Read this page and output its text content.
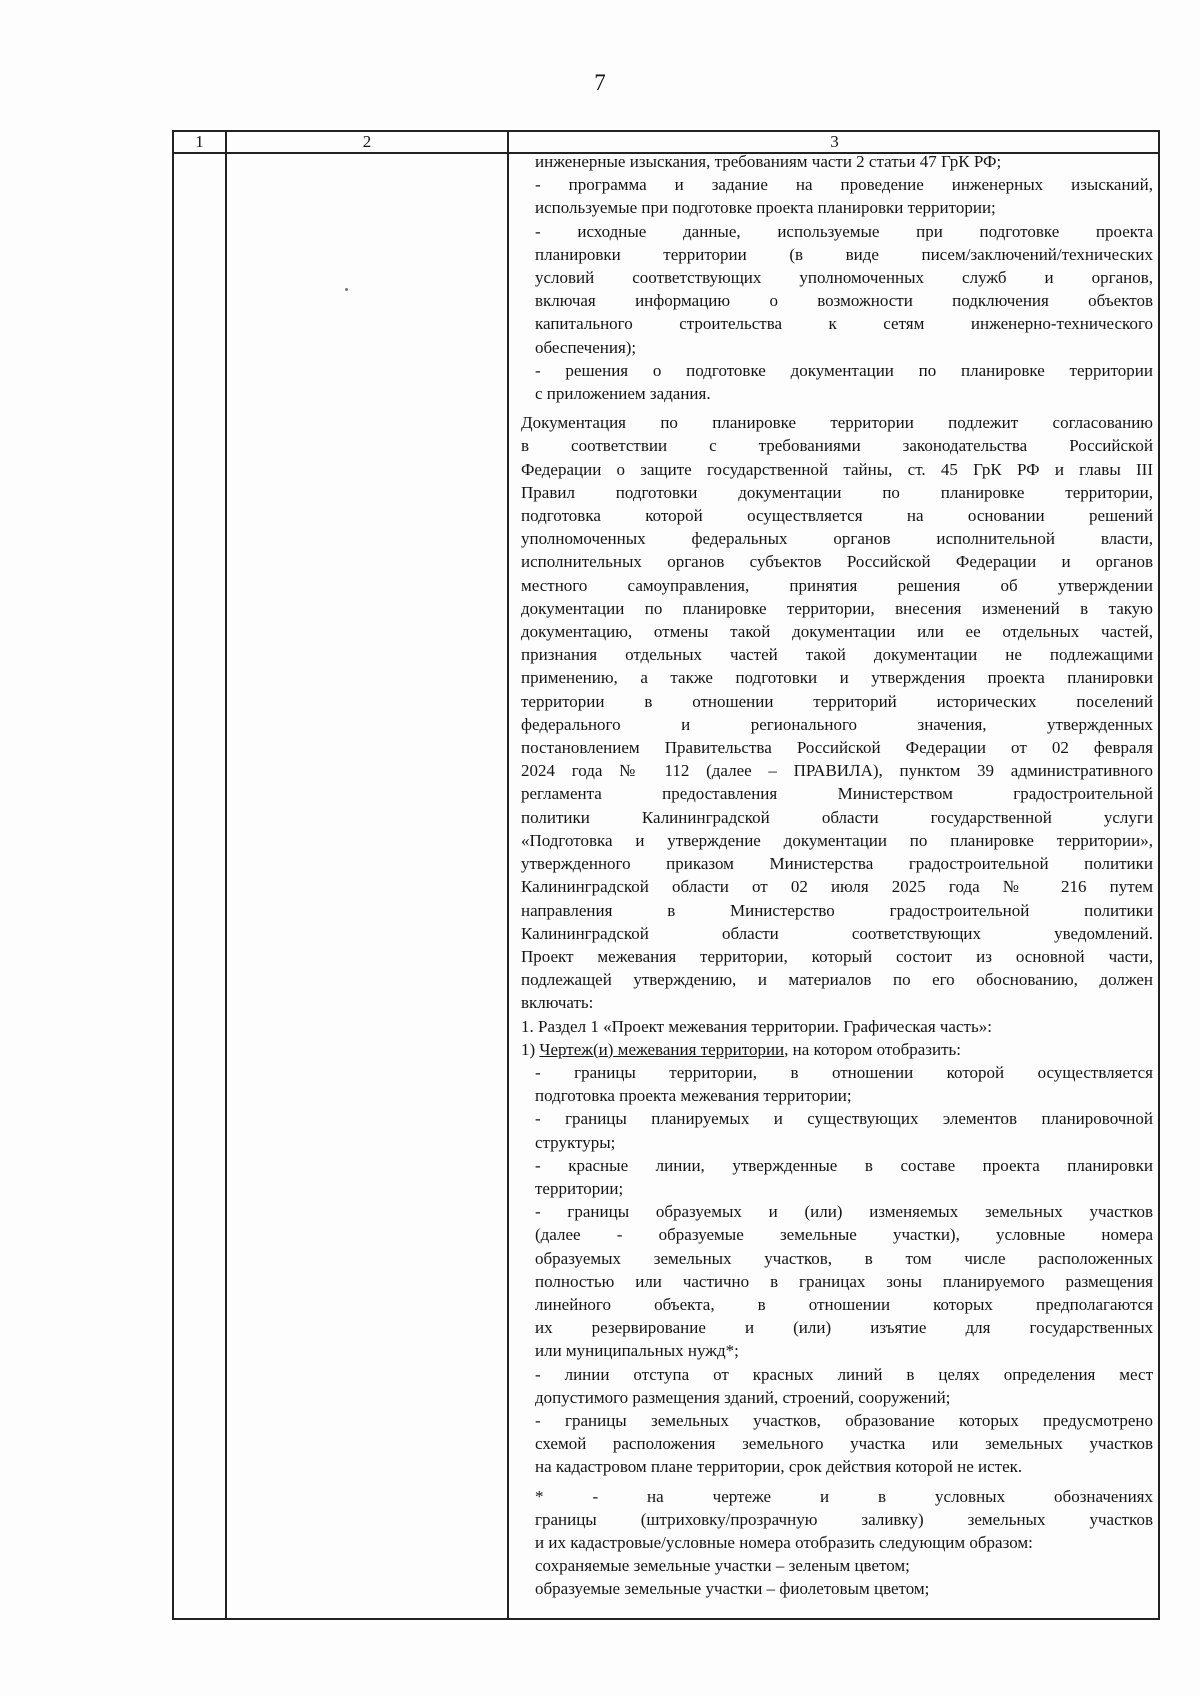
7
1	2	3

инженерные изыскания, требованиям части 2 статьи 47 ГрК РФ;

- программа и задание на проведение инженерных изысканий,

используемые при подготовке проекта планировки территории;

- исходные данные, используемые при подготовке проекта

планировки территории (в виде писем/заключений/технических

условий соответствующих уполномоченных служб и органов,

включая информацию о возможности подключения объектов

капитального строительства к сетям инженерно-технического

обеспечения);

- решения о подготовке документации по планировке территории

с приложением задания.

Документация по планировке территории подлежит согласованию

в соответствии с требованиями законодательства Российской

Федерации о защите государственной тайны, ст. 45 ГрК РФ и главы III

Правил подготовки документации по планировке территории,

подготовка которой осуществляется на основании решений

уполномоченных федеральных органов исполнительной власти,

исполнительных органов субъектов Российской Федерации и органов

местного самоуправления, принятия решения об утверждении

документации по планировке территории, внесения изменений в такую

документацию, отмены такой документации или ее отдельных частей,

признания отдельных частей такой документации не подлежащими

применению, а также подготовки и утверждения проекта планировки

территории в отношении территорий исторических поселений

федерального и регионального значения, утвержденных

постановлением Правительства Российской Федерации от 02 февраля

2024 года № 112 (далее – ПРАВИЛА), пунктом 39 административного

регламента предоставления Министерством градостроительной

политики Калининградской области государственной услуги

«Подготовка и утверждение документации по планировке территории»,

утвержденного приказом Министерства градостроительной политики

Калининградской области от 02 июля 2025 года № 216 путем

направления в Министерство градостроительной политики

Калининградской области соответствующих уведомлений.

Проект межевания территории, который состоит из основной части,

подлежащей утверждению, и материалов по его обоснованию, должен

включать:

1. Раздел 1 «Проект межевания территории. Графическая часть»:

1) Чертеж(и) межевания территории, на котором отобразить:

- границы территории, в отношении которой осуществляется

подготовка проекта межевания территории;

- границы планируемых и существующих элементов планировочной

структуры;

- красные линии, утвержденные в составе проекта планировки

территории;

- границы образуемых и (или) изменяемых земельных участков

(далее - образуемые земельные участки), условные номера

образуемых земельных участков, в том числе расположенных

полностью или частично в границах зоны планируемого размещения

линейного объекта, в отношении которых предполагаются

их резервирование и (или) изъятие для государственных

или муниципальных нужд*;

- линии отступа от красных линий в целях определения мест

допустимого размещения зданий, строений, сооружений;

- границы земельных участков, образование которых предусмотрено

схемой расположения земельного участка или земельных участков

на кадастровом плане территории, срок действия которой не истек.

* - на чертеже и в условных обозначениях

границы (штриховку/прозрачную заливку) земельных участков

и их кадастровые/условные номера отобразить следующим образом:

сохраняемые земельные участки – зеленым цветом;

образуемые земельные участки – фиолетовым цветом;
